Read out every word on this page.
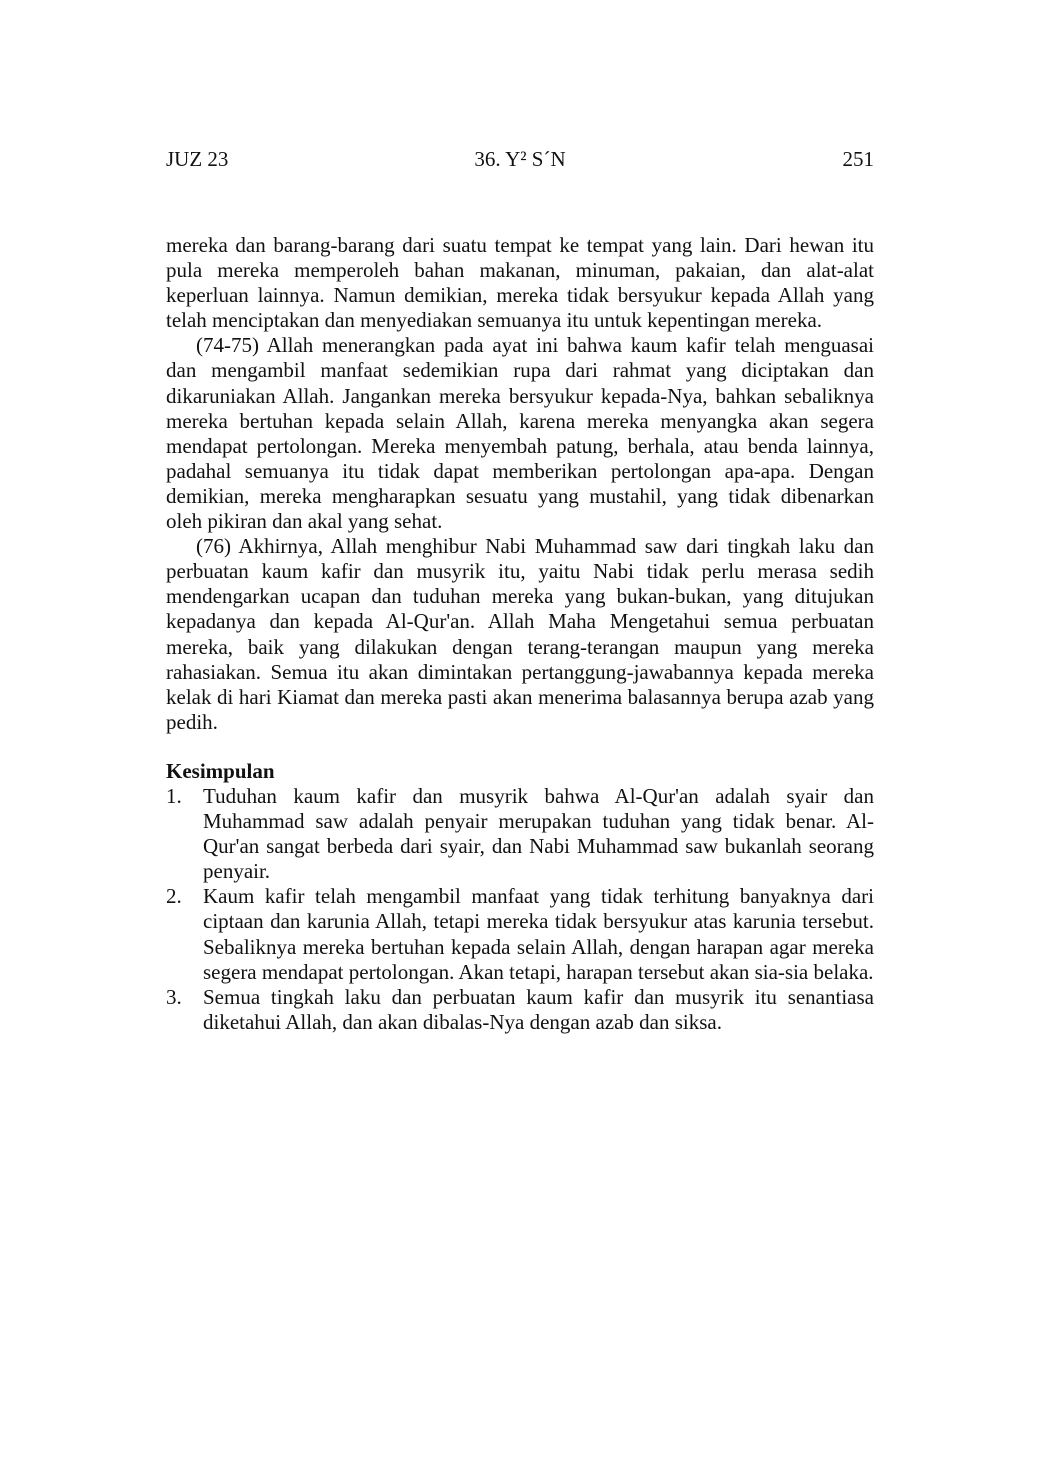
JUZ 23	36. Y² S´N	251

mereka dan barang-barang dari suatu tempat ke tempat yang lain. Dari hewan itu pula mereka memperoleh bahan makanan, minuman, pakaian, dan alat-alat keperluan lainnya. Namun demikian, mereka tidak bersyukur kepada Allah yang telah menciptakan dan menyediakan semuanya itu untuk kepentingan mereka.

(74-75) Allah menerangkan pada ayat ini bahwa kaum kafir telah menguasai dan mengambil manfaat sedemikian rupa dari rahmat yang diciptakan dan dikaruniakan Allah. Jangankan mereka bersyukur kepada-Nya, bahkan sebaliknya mereka bertuhan kepada selain Allah, karena mereka menyangka akan segera mendapat pertolongan. Mereka menyembah patung, berhala, atau benda lainnya, padahal semuanya itu tidak dapat memberikan pertolongan apa-apa. Dengan demikian, mereka mengharapkan sesuatu yang mustahil, yang tidak dibenarkan oleh pikiran dan akal yang sehat.

(76) Akhirnya, Allah menghibur Nabi Muhammad saw dari tingkah laku dan perbuatan kaum kafir dan musyrik itu, yaitu Nabi tidak perlu merasa sedih mendengarkan ucapan dan tuduhan mereka yang bukan-bukan, yang ditujukan kepadanya dan kepada Al-Qur'an. Allah Maha Mengetahui semua perbuatan mereka, baik yang dilakukan dengan terang-terangan maupun yang mereka rahasiakan. Semua itu akan dimintakan pertanggung-jawabannya kepada mereka kelak di hari Kiamat dan mereka pasti akan menerima balasannya berupa azab yang pedih.

Kesimpulan
1. Tuduhan kaum kafir dan musyrik bahwa Al-Qur'an adalah syair dan Muhammad saw adalah penyair merupakan tuduhan yang tidak benar. Al-Qur'an sangat berbeda dari syair, dan Nabi Muhammad saw bukanlah seorang penyair.
2. Kaum kafir telah mengambil manfaat yang tidak terhitung banyaknya dari ciptaan dan karunia Allah, tetapi mereka tidak bersyukur atas karunia tersebut. Sebaliknya mereka bertuhan kepada selain Allah, dengan harapan agar mereka segera mendapat pertolongan. Akan tetapi, harapan tersebut akan sia-sia belaka.
3. Semua tingkah laku dan perbuatan kaum kafir dan musyrik itu senantiasa diketahui Allah, dan akan dibalas-Nya dengan azab dan siksa.
